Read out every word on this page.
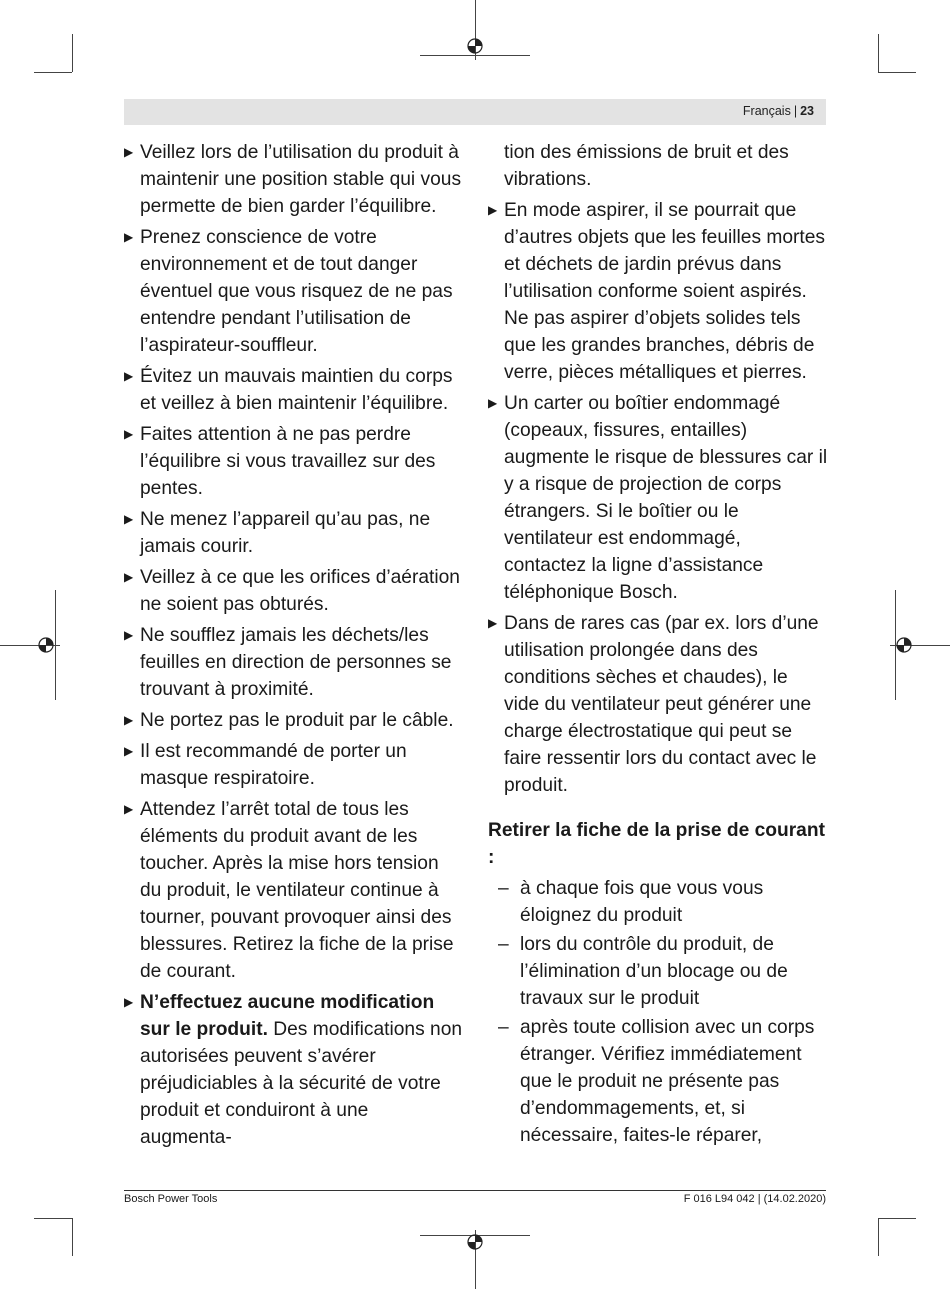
Français | 23
▶ Veillez lors de l’utilisation du produit à maintenir une position stable qui vous permette de bien garder l’équilibre.
▶ Prenez conscience de votre environnement et de tout danger éventuel que vous risquez de ne pas entendre pendant l’utilisation de l’aspirateur-souffleur.
▶ Évitez un mauvais maintien du corps et veillez à bien maintenir l’équilibre.
▶ Faites attention à ne pas perdre l’équilibre si vous travaillez sur des pentes.
▶ Ne menez l’appareil qu’au pas, ne jamais courir.
▶ Veillez à ce que les orifices d’aération ne soient pas obturés.
▶ Ne soufflez jamais les déchets/les feuilles en direction de personnes se trouvant à proximité.
▶ Ne portez pas le produit par le câble.
▶ Il est recommandé de porter un masque respiratoire.
▶ Attendez l’arrêt total de tous les éléments du produit avant de les toucher. Après la mise hors tension du produit, le ventilateur continue à tourner, pouvant provoquer ainsi des blessures. Retirez la fiche de la prise de courant.
▶ N’effectuez aucune modification sur le produit. Des modifications non autorisées peuvent s’avérer préjudiciables à la sécurité de votre produit et conduiront à une augmenta-
tion des émissions de bruit et des vibrations.
▶ En mode aspirer, il se pourrait que d’autres objets que les feuilles mortes et déchets de jardin prévus dans l’utilisation conforme soient aspirés.
Ne pas aspirer d’objets solides tels que les grandes branches, débris de verre, pièces métalliques et pierres.
▶ Un carter ou boîtier endommagé (copeaux, fissures, entailles) augmente le risque de blessures car il y a risque de projection de corps étrangers. Si le boîtier ou le ventilateur est endommagé, contactez la ligne d’assistance téléphonique Bosch.
▶ Dans de rares cas (par ex. lors d’une utilisation prolongée dans des conditions sèches et chaudes), le vide du ventilateur peut générer une charge électrostatique qui peut se faire ressentir lors du contact avec le produit.
Retirer la fiche de la prise de courant :
– à chaque fois que vous vous éloignez du produit
– lors du contrôle du produit, de l’élimination d’un blocage ou de travaux sur le produit
– après toute collision avec un corps étranger. Vérifiez immédiatement que le produit ne présente pas d’endommagements, et, si nécessaire, faites-le réparer,
Bosch Power Tools	F 016 L94 042 | (14.02.2020)
